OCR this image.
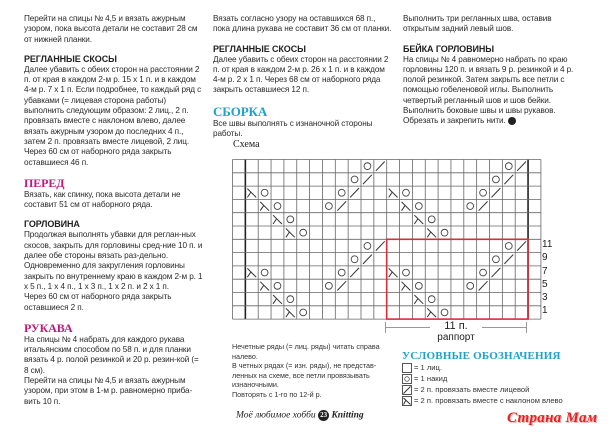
Перейти на спицы № 4,5 и вязать ажурным узором, пока высота детали не составит 28 см от нижней планки.

РЕГЛАННЫЕ СКОСЫ

Далее убавить с обеих сторон на расстоянии 2 п. от края в каждом 2-м р. 15 х 1 п. и в каждом 4-м р. 7 х 1 п. Если подробнее, то каждый ряд с убавками (= лицевая сторона работы) выполнить следующим образом: 2 лиц., 2 п. провязать вместе с наклоном влево, далее вязать ажурным узором до последних 4 п., затем 2 п. провязать вместе лицевой, 2 лиц. Через 60 см от наборного ряда закрыть оставшиеся 46 п.

ПЕРЕД

Вязать, как спинку, пока высота детали не составит 51 см от наборного ряда.

ГОРЛОВИНА

Продолжая выполнять убавки для реглан-ных скосов, закрыть для горловины сред-ние 10 п. и далее обе стороны вязать раз-дельно. Одновременно для закругления горловины закрыть по внутреннему краю в каждом 2-м р. 1 х 5 п., 1 х 4 п., 1 х 3 п., 1 х 2 п. и 2 х 1 п.

Через 60 см от наборного ряда закрыть оставшиеся 2 п.

РУКАВА

На спицы № 4 набрать для каждого рукава итальянским способом по 58 п. и для планки вязать 4 р. полой резинкой и 20 р. резин-кой (= 8 см).

Перейти на спицы № 4,5 и вязать ажурным узором, при этом в 1-м р. равномерно приба-вить 10 п.

Вязать согласно узору на оставшихся 68 п., пока длина рукава не составит 36 см от планки.

РЕГЛАННЫЕ СКОСЫ

Далее убавить с обеих сторон на расстоянии 2 п. от края в каждом 2-м р. 26 х 1 п. и в каждом 4-м р. 2 х 1 п. Через 68 см от наборного ряда закрыть оставшиеся 12 п.

СБОРКА

Все швы выполнять с изнаночной стороны работы.

Выполнить три регланных шва, оставив открытым задний левый шов.

БЕЙКА ГОРЛОВИНЫ

На спицы № 4 равномерно набрать по краю горловины 120 п. и вязать 9 р. резинкой и 4 р. полой резинкой. Затем закрыть все петли с помощью гобеленовой иглы. Выполнить четвертый регланный шов и шов бейки. Выполнить боковые швы и швы рукавов. Обрезать и закрепить нити.

Схема
11
9
7
5
3
1
11 п.
раппорт
Нечетные ряды (= лиц. ряды) читать справа налево.
В четных рядах (= изн. ряды), не представ-ленных на схеме, все петли провязывать изнаночными.
Повторять с 1-го по 12-й р.
УСЛОВНЫЕ ОБОЗНАЧЕНИЯ
= 1 лиц.
= 1 накид
= 2 п. провязать вместе лицевой
= 2 п. провязать вместе с наклоном влево
Моё любимое хобби 23 Knitting	Страна Мам
